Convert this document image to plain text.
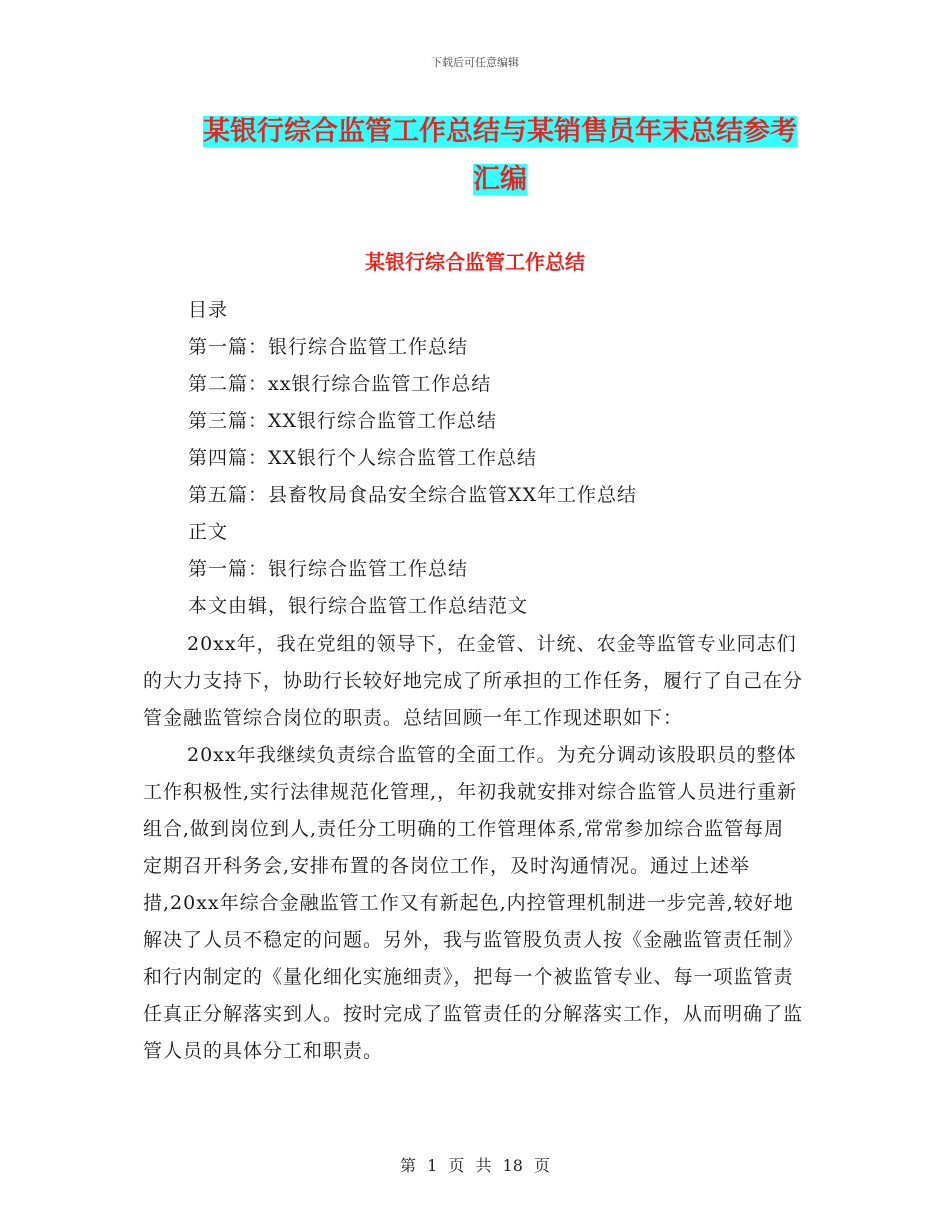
下载后可任意编辑
某银行综合监管工作总结与某销售员年末总结参考汇编
某银行综合监管工作总结
目录
第一篇：银行综合监管工作总结
第二篇：xx银行综合监管工作总结
第三篇：XX银行综合监管工作总结
第四篇：XX银行个人综合监管工作总结
第五篇：县畜牧局食品安全综合监管XX年工作总结
正文
第一篇：银行综合监管工作总结
本文由辑，银行综合监管工作总结范文

20xx年，我在党组的领导下，在金管、计统、农金等监管专业同志们的大力支持下，协助行长较好地完成了所承担的工作任务，履行了自己在分管金融监管综合岗位的职责。总结回顾一年工作现述职如下：

20xx年我继续负责综合监管的全面工作。为充分调动该股职员的整体工作积极性,实行法律规范化管理,，年初我就安排对综合监管人员进行重新组合,做到岗位到人,责任分工明确的工作管理体系,常常参加综合监管每周定期召开科务会,安排布置的各岗位工作，及时沟通情况。通过上述举措,20xx年综合金融监管工作又有新起色,内控管理机制进一步完善,较好地解决了人员不稳定的问题。另外，我与监管股负责人按《金融监管责任制》和行内制定的《量化细化实施细责》，把每一个被监管专业、每一项监管责任真正分解落实到人。按时完成了监管责任的分解落实工作，从而明确了监管人员的具体分工和职责。

第 1 页 共 18 页
